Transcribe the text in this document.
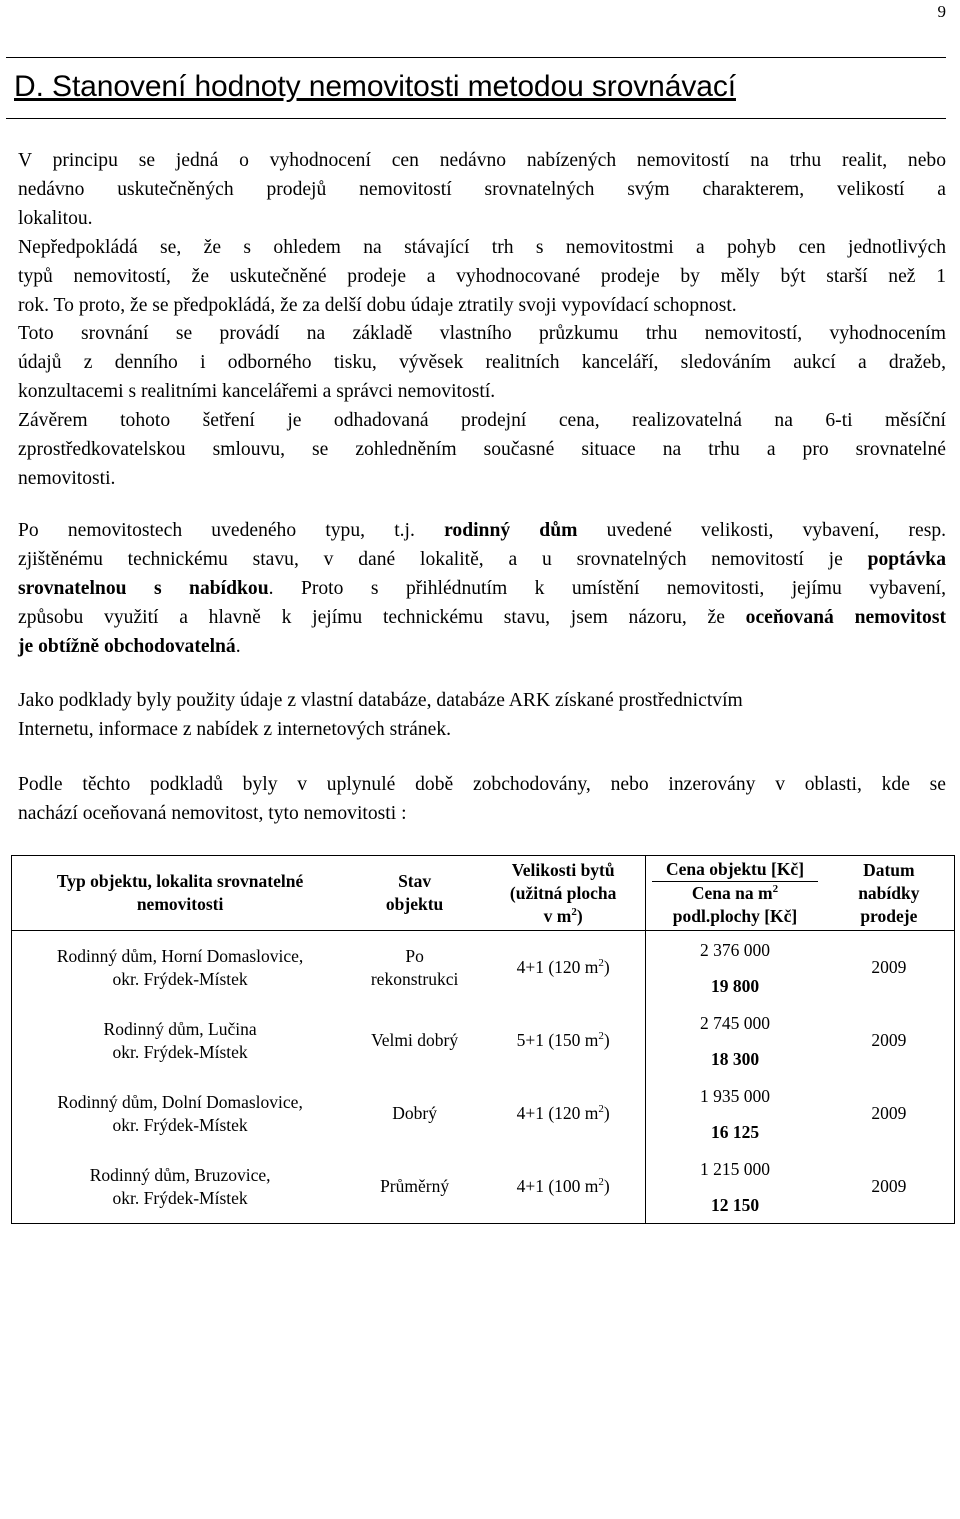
9
D. Stanovení hodnoty nemovitosti metodou srovnávací
V principu se jedná o vyhodnocení cen nedávno nabízených nemovitostí na trhu realit, nebo
nedávno uskutečněných prodejů nemovitostí srovnatelných svým charakterem, velikostí a
lokalitou.
Nepředpokládá se, že s ohledem na stávající trh s nemovitostmi a pohyb cen jednotlivých
typů nemovitostí, že uskutečněné prodeje a vyhodnocované prodeje by měly být starší než 1
rok. To proto, že se předpokládá, že za delší dobu údaje ztratily svoji vypovídací schopnost.
Toto srovnání se provádí na základě vlastního průzkumu trhu nemovitostí, vyhodnocením
údajů z denního i odborného tisku, vývěsek realitních kanceláří, sledováním aukcí a dražeb,
konzultacemi s realitními kancelářemi a správci nemovitostí.
Závěrem tohoto šetření je odhadovaná prodejní cena, realizovatelná na 6-ti měsíční
zprostředkovatelskou smlouvu, se zohledněním současné situace na trhu a pro srovnatelné
nemovitosti.
Po nemovitostech uvedeného typu, t.j. rodinný dům uvedené velikosti, vybavení, resp.
zjištěnému technickému stavu, v dané lokalitě, a u srovnatelných nemovitostí je poptávka
srovnatelnou s nabídkou. Proto s přihlédnutím k umístění nemovitosti, jejímu vybavení,
způsobu využití a hlavně k jejímu technickému stavu, jsem názoru, že oceňovaná nemovitost
je obtížně obchodovatelná.
Jako podklady byly použity údaje z vlastní databáze, databáze ARK získané prostřednictvím
Internetu, informace z nabídek z internetových stránek.
Podle těchto podkladů byly v uplynulé době zobchodovány, nebo inzerovány v oblasti, kde se
nachází oceňovaná nemovitost, tyto nemovitosti :
Typ objektu, lokalita srovnatelné
nemovitosti	Stav
objektu	Velikosti bytů
(užitná plocha
v $m^2$)	Cena objektu [Kč]
Cena na $m^2$
podl.plochy [Kč]	Datum
nabídky
prodeje

Rodinný dům, Horní Domaslovice,
okr. Frýdek-Místek	Po
rekonstrukci	4+1 (120 $m^2$)	2 376 000
19 800	2009

Rodinný dům, Lučina
okr. Frýdek-Místek	Velmi dobrý	5+1 (150 $m^2$)	2 745 000
18 300	2009

Rodinný dům, Dolní Domaslovice,
okr. Frýdek-Místek	Dobrý	4+1 (120 $m^2$)	1 935 000
16 125	2009

Rodinný dům, Bruzovice,
okr. Frýdek-Místek	Průměrný	4+1 (100 $m^2$)	1 215 000
12 150	2009
